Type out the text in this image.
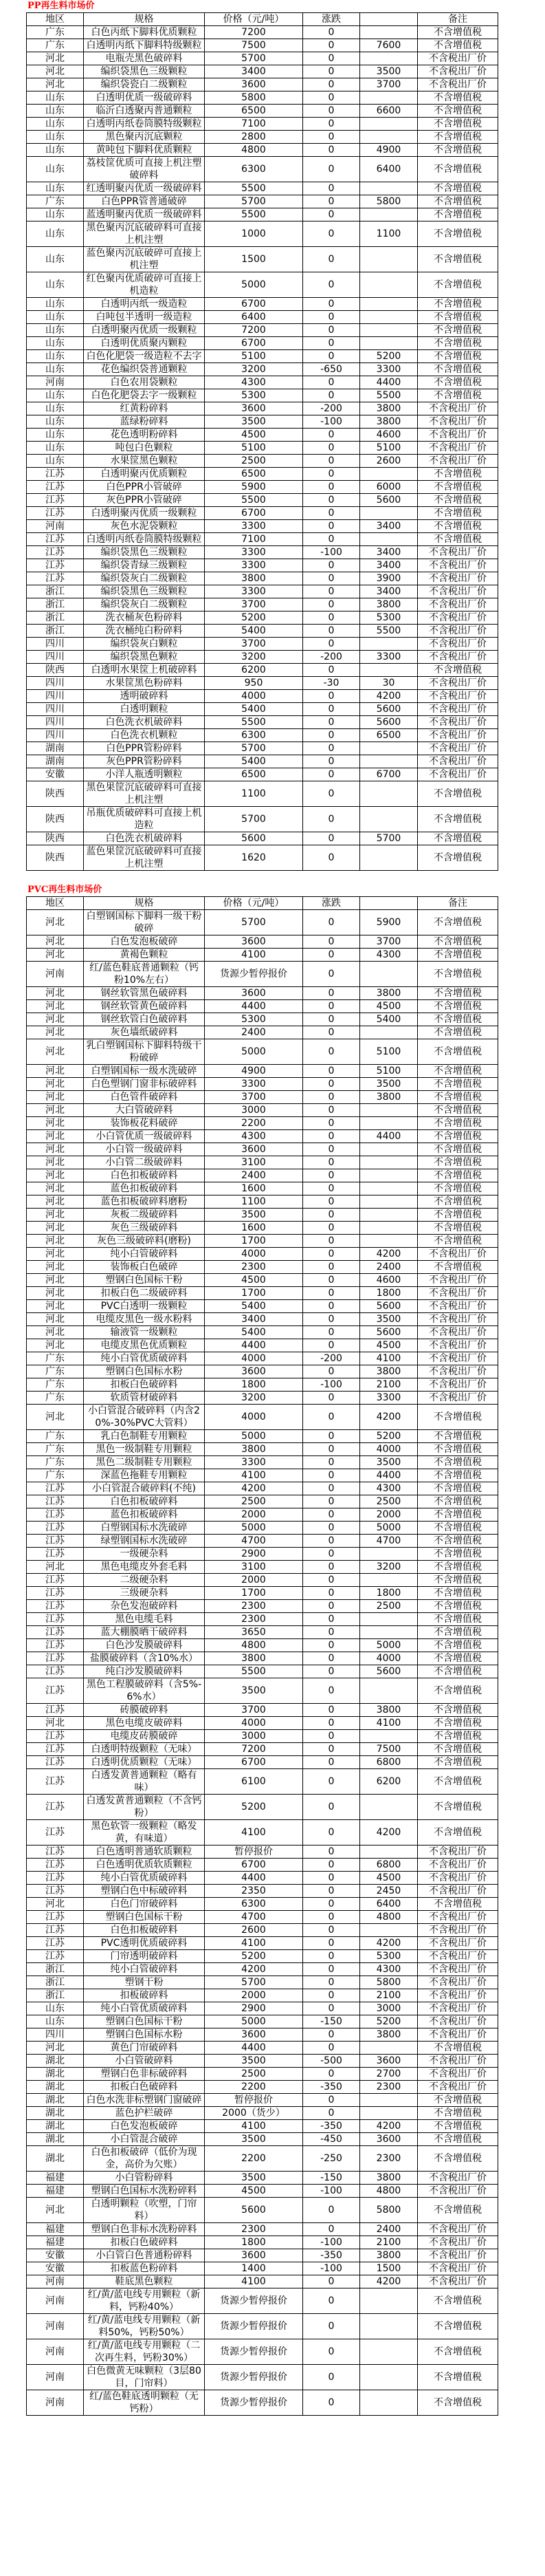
PP再生料市场价
地区	规格	价格（元/吨）	涨跌		备注
广东	白色丙纸下脚料优质颗粒	7200	0		不含增值税
广东	白透明丙纸下脚料特级颗粒	7500	0	7600	不含增值税
河北	电瓶壳黑色破碎料	5700	0		不含税出厂价
河北	编织袋黑色三级颗粒	3400	0	3500	不含税出厂价
河北	编织袋瓷白二级颗粒	3600	0	3700	不含税出厂价
山东	白透明优质一级破碎料	5800	0		不含增值税
山东	临沂白透聚丙普通颗粒	6500	0	6600	不含增值税
山东	白透明丙纸卷筒膜特级颗粒	7100	0		不含增值税
山东	黑色聚丙沉底颗粒	2800	0		不含增值税
山东	黄吨包下脚料优质颗粒	4800	0	4900	不含增值税
山东	荔枝筐优质可直接上机注塑破碎料	6300	0	6400	不含增值税
山东	红透明聚丙优质一级破碎料	5500	0		不含增值税
广东	白色PPR管普通破碎	5700	0	5800	不含增值税
山东	蓝透明聚丙优质一级破碎料	5500	0		不含增值税
山东	黑色聚丙沉底破碎料可直接上机注塑	1000	0	1100	不含增值税
山东	蓝色聚丙沉底破碎可直接上机注塑	1500	0		不含增值税
山东	红色聚丙优质破碎可直接上机造粒	5000	0		不含增值税
山东	白透明丙纸一级造粒	6700	0		不含增值税
山东	白吨包半透明一级造粒	6400	0		不含增值税
山东	白透明聚丙优质一级颗粒	7200	0		不含增值税
山东	白透明优质聚丙颗粒	6700	0		不含增值税
山东	白色化肥袋一级造粒不去字	5100	0	5200	不含增值税
山东	花色编织袋普通颗粒	3200	-650	3300	不含增值税
河南	白色农用袋颗粒	4300	0	4400	不含增值税
山东	白色化肥袋去字一级颗粒	5300	0	5500	不含增值税
山东	红黄粉碎料	3600	-200	3800	不含税出厂价
山东	蓝绿粉碎料	3500	-100	3800	不含税出厂价
山东	花色透明粉碎料	4500	0	4600	不含税出厂价
山东	吨包白色颗粒	5100	0	5100	不含税出厂价
山东	水果筐黑色颗粒	2500	0	2600	不含税出厂价
江苏	白透明聚丙优质颗粒	6500	0		不含增值税
江苏	白色PPR小管破碎	5900	0	6000	不含增值税
江苏	灰色PPR小管破碎	5500	0	5600	不含增值税
江苏	白透明聚丙优质一级颗粒	6700	0		不含增值税
河南	灰色水泥袋颗粒	3300	0	3400	不含增值税
江苏	白透明丙纸卷筒膜特级颗粒	7100	0		不含增值税
江苏	编织袋黑色三级颗粒	3300	-100	3400	不含税出厂价
江苏	编织袋青绿三级颗粒	3300	0	3400	不含税出厂价
江苏	编织袋灰白二级颗粒	3800	0	3900	不含税出厂价
浙江	编织袋黑色三级颗粒	3300	0	3400	不含税出厂价
浙江	编织袋灰白二级颗粒	3700	0	3800	不含税出厂价
浙江	洗衣桶灰色粉碎料	5200	0	5300	不含税出厂价
浙江	洗衣桶纯白粉碎料	5400	0	5500	不含税出厂价
四川	编织袋灰白颗粒	3700	0		不含税出厂价
四川	编织袋黑色颗粒	3200	-200	3300	不含税出厂价
陕西	白透明水果筐上机破碎料	6200	0		不含增值税
四川	水果筐黑色粉碎料	950	-30	30	不含税出厂价
四川	透明破碎料	4000	0	4200	不含税出厂价
四川	白透明颗粒	5400	0	5600	不含税出厂价
四川	白色洗衣机破碎料	5500	0	5600	不含税出厂价
四川	白色洗衣机颗粒	6300	0	6500	不含税出厂价
湖南	白色PPR管粉碎料	5700	0		不含税出厂价
湖南	灰色PPR管粉碎料	5400	0		不含税出厂价
安徽	小洋人瓶透明颗粒	6500	0	6700	不含税出厂价
陕西	黑色果筐沉底破碎料可直接上机注塑	1100	0		不含增值税
陕西	吊瓶优质破碎料可直接上机造粒	5700	0		不含增值税
陕西	白色洗衣机破碎料	5600	0	5700	不含增值税
陕西	蓝色果筐沉底破碎料可直接上机注塑	1620	0		不含增值税
PVC再生料市场价
地区	规格	价格（元/吨）	涨跌		备注
河北	白塑钢国标下脚料一级干粉破碎	5700	0	5900	不含增值税
河北	白色发泡板破碎	3600	0	3700	不含增值税
河北	黄褐色颗粒	4100	0	4300	不含增值税
河南	红/蓝色鞋底普通颗粒（钙粉10%左右）	货源少暂停报价	0		不含增值税
河北	钢丝软管黑色破碎料	3600	0	3800	不含增值税
河北	钢丝软管黄色破碎料	4400	0	4500	不含增值税
河北	钢丝软管白色破碎料	5300	0	5400	不含增值税
河北	灰色墙纸破碎料	2400	0		不含增值税
河北	乳白塑钢国标下脚料特级干粉破碎	5000	0	5100	不含增值税
河北	白塑钢国标一级水洗破碎	4900	0	5100	不含增值税
河北	白色塑钢门窗非标破碎料	3300	0	3500	不含增值税
河北	白色管件破碎料	3700	0	3800	不含增值税
河北	大白管破碎料	3000	0		不含增值税
河北	装饰板花料破碎	2200	0		不含增值税
河北	小白管优质一级破碎料	4300	0	4400	不含增值税
河北	小白管一级破碎料	3600	0		不含增值税
河北	小白管二级破碎料	3100	0		不含增值税
河北	白色扣板破碎料	2400	0		不含增值税
河北	蓝色扣板破碎料	1600	0		不含增值税
河北	蓝色扣板破碎料磨粉	1100	0		不含增值税
河北	灰板二级破碎料	3500	0		不含增值税
河北	灰色三级破碎料	1600	0		不含增值税
河北	灰色三级破碎料(磨粉)	1700	0		不含增值税
河北	纯小白管破碎料	4000	0	4200	不含税出厂价
河北	装饰板白色破碎	2300	0	2400	不含增值税
河北	塑钢白色国标干粉	4500	0	4600	不含税出厂价
河北	扣板白色二级破碎料	1700	0	1800	不含税出厂价
河北	PVC白透明一级颗粒	5400	0	5600	不含税出厂价
河北	电缆皮黑色一级水粉料	3400	0	3500	不含税出厂价
河北	输液管一级颗粒	5400	0	5600	不含税出厂价
河北	电缆皮黑色优质颗粒	4400	0	4500	不含税出厂价
广东	纯小白管优质破碎料	4000	-200	4100	不含税出厂价
广东	塑钢白色国标水粉	3600	0	3800	不含税出厂价
广东	扣板白色破碎料	1800	-100	2100	不含税出厂价
广东	软质管材破碎料	3200	0	3300	不含税出厂价
河北	小白管混合破碎料（内含20%-30%PVC大管料）	4000	0	4200	不含增值税
广东	乳白色制鞋专用颗粒	5000	0	5200	不含增值税
广东	黑色一级制鞋专用颗粒	3800	0	4000	不含增值税
广东	黑色二级制鞋专用颗粒	3300	0	3500	不含增值税
广东	深蓝色拖鞋专用颗粒	4100	0	4400	不含增值税
江苏	小白管混合破碎料(不纯)	4200	0	4300	不含增值税
江苏	白色扣板破碎料	2500	0	2500	不含增值税
江苏	蓝色扣板破碎料	2000	0	2000	不含增值税
江苏	白塑钢国标水洗破碎	5000	0	5000	不含增值税
江苏	绿塑钢国标水洗破碎	4700	0	4700	不含增值税
江苏	一级硬杂料	2900	0		不含增值税
河北	黑色电缆皮外套毛料	3100	0	3200	不含增值税
江苏	二级硬杂料	2000	0		不含增值税
江苏	三级硬杂料	1700	0	1800	不含增值税
江苏	杂色发泡破碎料	2300	0	2500	不含增值税
江苏	黑色电缆毛料	2300	0		不含增值税
江苏	蓝大棚膜晒干破碎料	3650	0		不含增值税
江苏	白色沙发膜破碎料	4800	0	5000	不含增值税
江苏	盐膜破碎料（含10%水）	3800	0	4000	不含增值税
江苏	纯白沙发膜破碎料	5500	0	5600	不含增值税
江苏	黑色工程膜破碎料（含5%-6%水）	3500	0		不含增值税
江苏	砖膜破碎料	3700	0	3800	不含增值税
河北	黑色电缆皮破碎料	4000	0	4100	不含增值税
江苏	电缆皮砖膜破碎	3000	0		不含增值税
江苏	白透明特级颗粒（无味）	7200	0	7500	不含增值税
江苏	白透明优质颗粒（无味）	6700	0	6800	不含增值税
江苏	白透发黄普通颗粒（略有味）	6100	0	6200	不含增值税
江苏	白透发黄普通颗粒（不含钙粉）	5200	0		不含增值税
江苏	黑色软管一级颗粒（略发黄，有味道）	4100	0	4200	不含增值税
江苏	白色透明普通软质颗粒	暂停报价	0		不含税出厂价
江苏	白色透明优质软质颗粒	6700	0	6800	不含税出厂价
江苏	纯小白管优质破碎料	4400	0	4500	不含税出厂价
江苏	塑钢白色中标破碎料	2350	0	2450	不含税出厂价
河北	白色门帘破碎料	6300	0	6400	不含增值税
江苏	塑钢白色国标干粉	4700	0	4800	不含税出厂价
江苏	白色扣板破碎料	2600	0		不含税出厂价
江苏	PVC透明优质破碎料	4100	0	4200	不含税出厂价
江苏	门帘透明破碎料	5200	0	5300	不含税出厂价
浙江	纯小白管破碎料	4200	0	4300	不含税出厂价
浙江	塑钢干粉	5700	0	5800	不含税出厂价
浙江	扣板破碎料	2000	0	2100	不含税出厂价
山东	纯小白管优质破碎料	2900	0	3000	不含税出厂价
山东	塑钢白色国标干粉	5000	-150	5200	不含税出厂价
四川	塑钢白色国标水粉	3600	0	3800	不含税出厂价
河北	黄色门帘破碎料	4400	0		不含增值税
湖北	小白管破碎料	3500	-500	3600	不含税出厂价
湖北	塑钢白色非标破碎料	2500	0	2700	不含税出厂价
湖北	扣板白色破碎料	2200	-350	2300	不含税出厂价
湖北	白色水洗非标塑钢门窗破碎	暂停报价	0		不含增值税
湖北	蓝色护栏破碎	2000（货少）	0		不含增值税
湖北	白色发泡板破碎	4100	-350	4200	不含增值税
湖北	小白管混合破碎	3500	-450	3600	不含增值税
湖北	白色扣板破碎（低价为现金，高价为欠账）	2200	-250	2300	不含增值税
福建	小白管粉碎料	3500	-150	3800	不含税出厂价
福建	塑钢白色国标水洗粉碎料	4500	-100	4800	不含税出厂价
河北	白透明颗粒（吹塑，门帘料）	5600	0	5800	不含增值税
福建	塑钢白色非标水洗粉碎料	2300	0	2400	不含税出厂价
福建	扣板白色破碎料	1800	-100	2100	不含税出厂价
安徽	小白管白色普通粉碎料	3600	-350	3800	不含税出厂价
安徽	扣板蓝色粉碎料	1400	-100	1500	不含税出厂价
河南	鞋底黑色颗粒	4100	0	4200	不含税出厂价
河南	红/黄/蓝电线专用颗粒（新料，钙粉40%）	货源少暂停报价	0		不含增值税
河南	红/黄/蓝电线专用颗粒（新料50%，钙粉50%）	货源少暂停报价	0		不含增值税
河南	红/黄/蓝电线专用颗粒（二次再生料，钙粉30%）	货源少暂停报价	0		不含增值税
河南	白色微黄无味颗粒（3层80目，门帘料）	货源少暂停报价	0		不含增值税
河南	红/蓝色鞋底透明颗粒（无钙粉）	货源少暂停报价	0		不含增值税
